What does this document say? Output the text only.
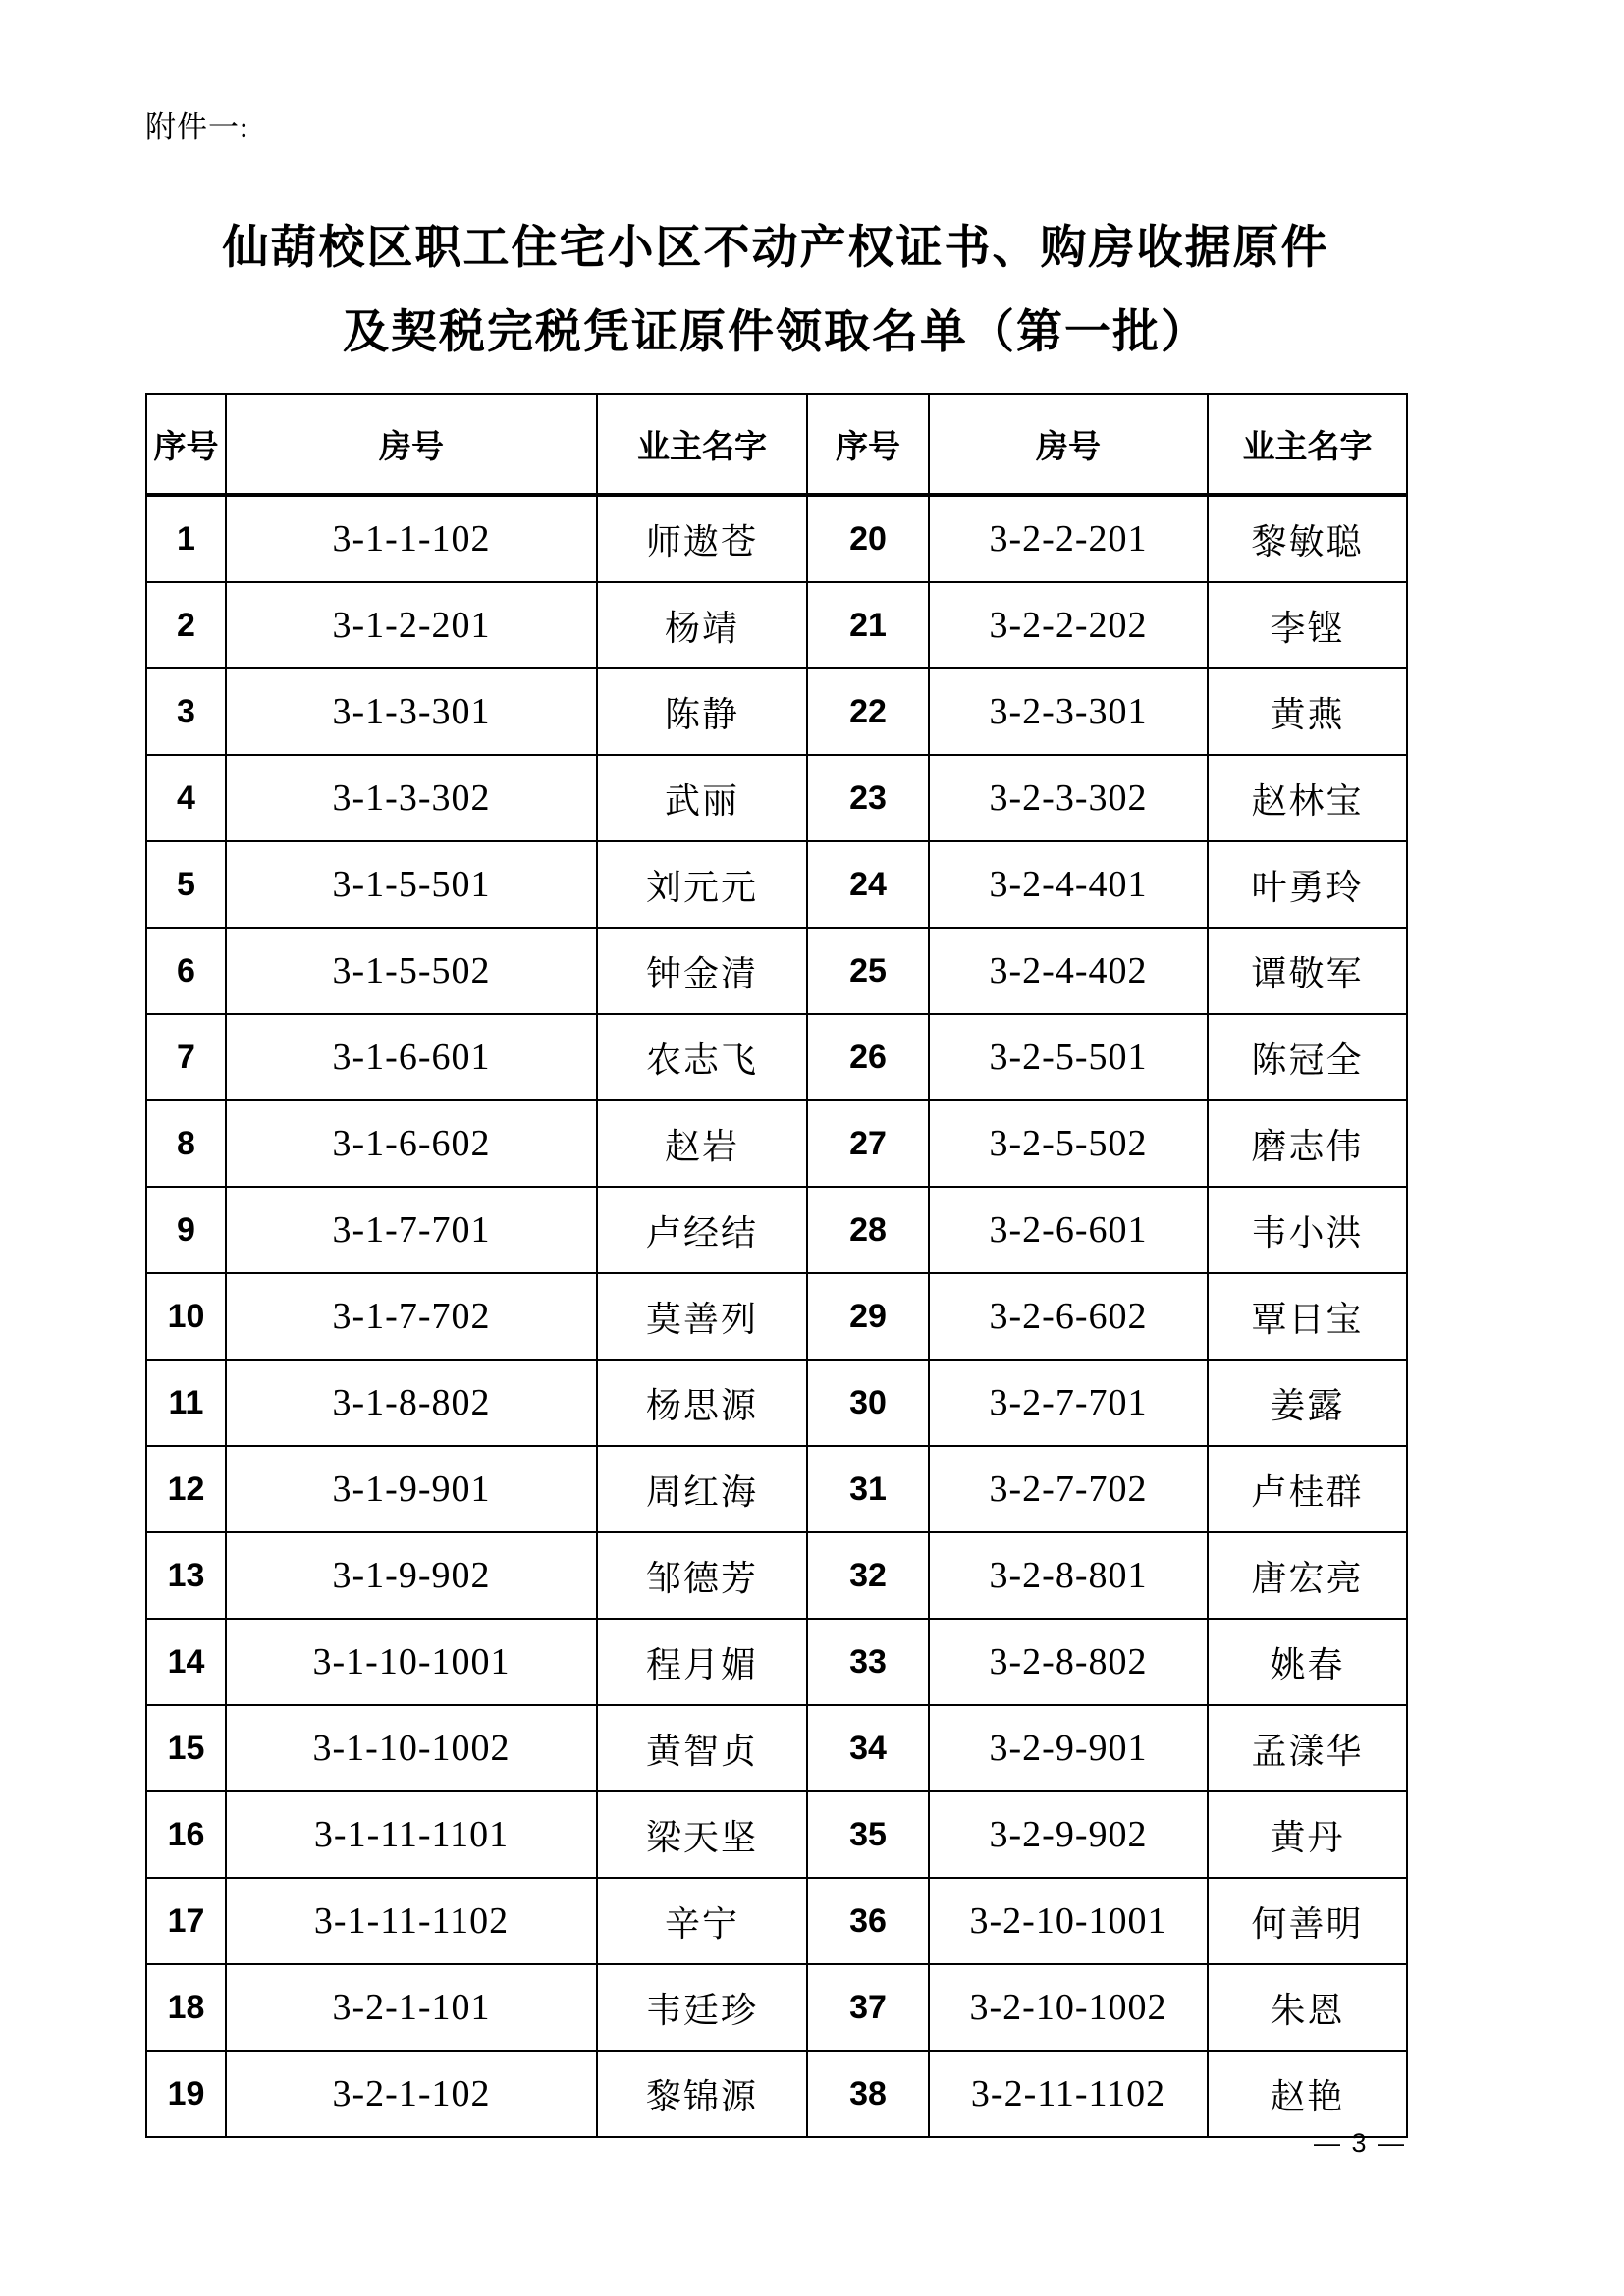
附件一:
仙葫校区职工住宅小区不动产权证书、购房收据原件
及契税完税凭证原件领取名单（第一批）
序号	房号	业主名字	序号	房号	业主名字
1	3-1-1-102	师遨苍	20	3-2-2-201	黎敏聪
2	3-1-2-201	杨靖	21	3-2-2-202	李铿
3	3-1-3-301	陈静	22	3-2-3-301	黄燕
4	3-1-3-302	武丽	23	3-2-3-302	赵林宝
5	3-1-5-501	刘元元	24	3-2-4-401	叶勇玲
6	3-1-5-502	钟金清	25	3-2-4-402	谭敬军
7	3-1-6-601	农志飞	26	3-2-5-501	陈冠全
8	3-1-6-602	赵岩	27	3-2-5-502	磨志伟
9	3-1-7-701	卢经结	28	3-2-6-601	韦小洪
10	3-1-7-702	莫善列	29	3-2-6-602	覃日宝
11	3-1-8-802	杨思源	30	3-2-7-701	姜露
12	3-1-9-901	周红海	31	3-2-7-702	卢桂群
13	3-1-9-902	邹德芳	32	3-2-8-801	唐宏亮
14	3-1-10-1001	程月媚	33	3-2-8-802	姚春
15	3-1-10-1002	黄智贞	34	3-2-9-901	孟漾华
16	3-1-11-1101	梁天坚	35	3-2-9-902	黄丹
17	3-1-11-1102	辛宁	36	3-2-10-1001	何善明
18	3-2-1-101	韦廷珍	37	3-2-10-1002	朱恩
19	3-2-1-102	黎锦源	38	3-2-11-1102	赵艳
— 3 —
